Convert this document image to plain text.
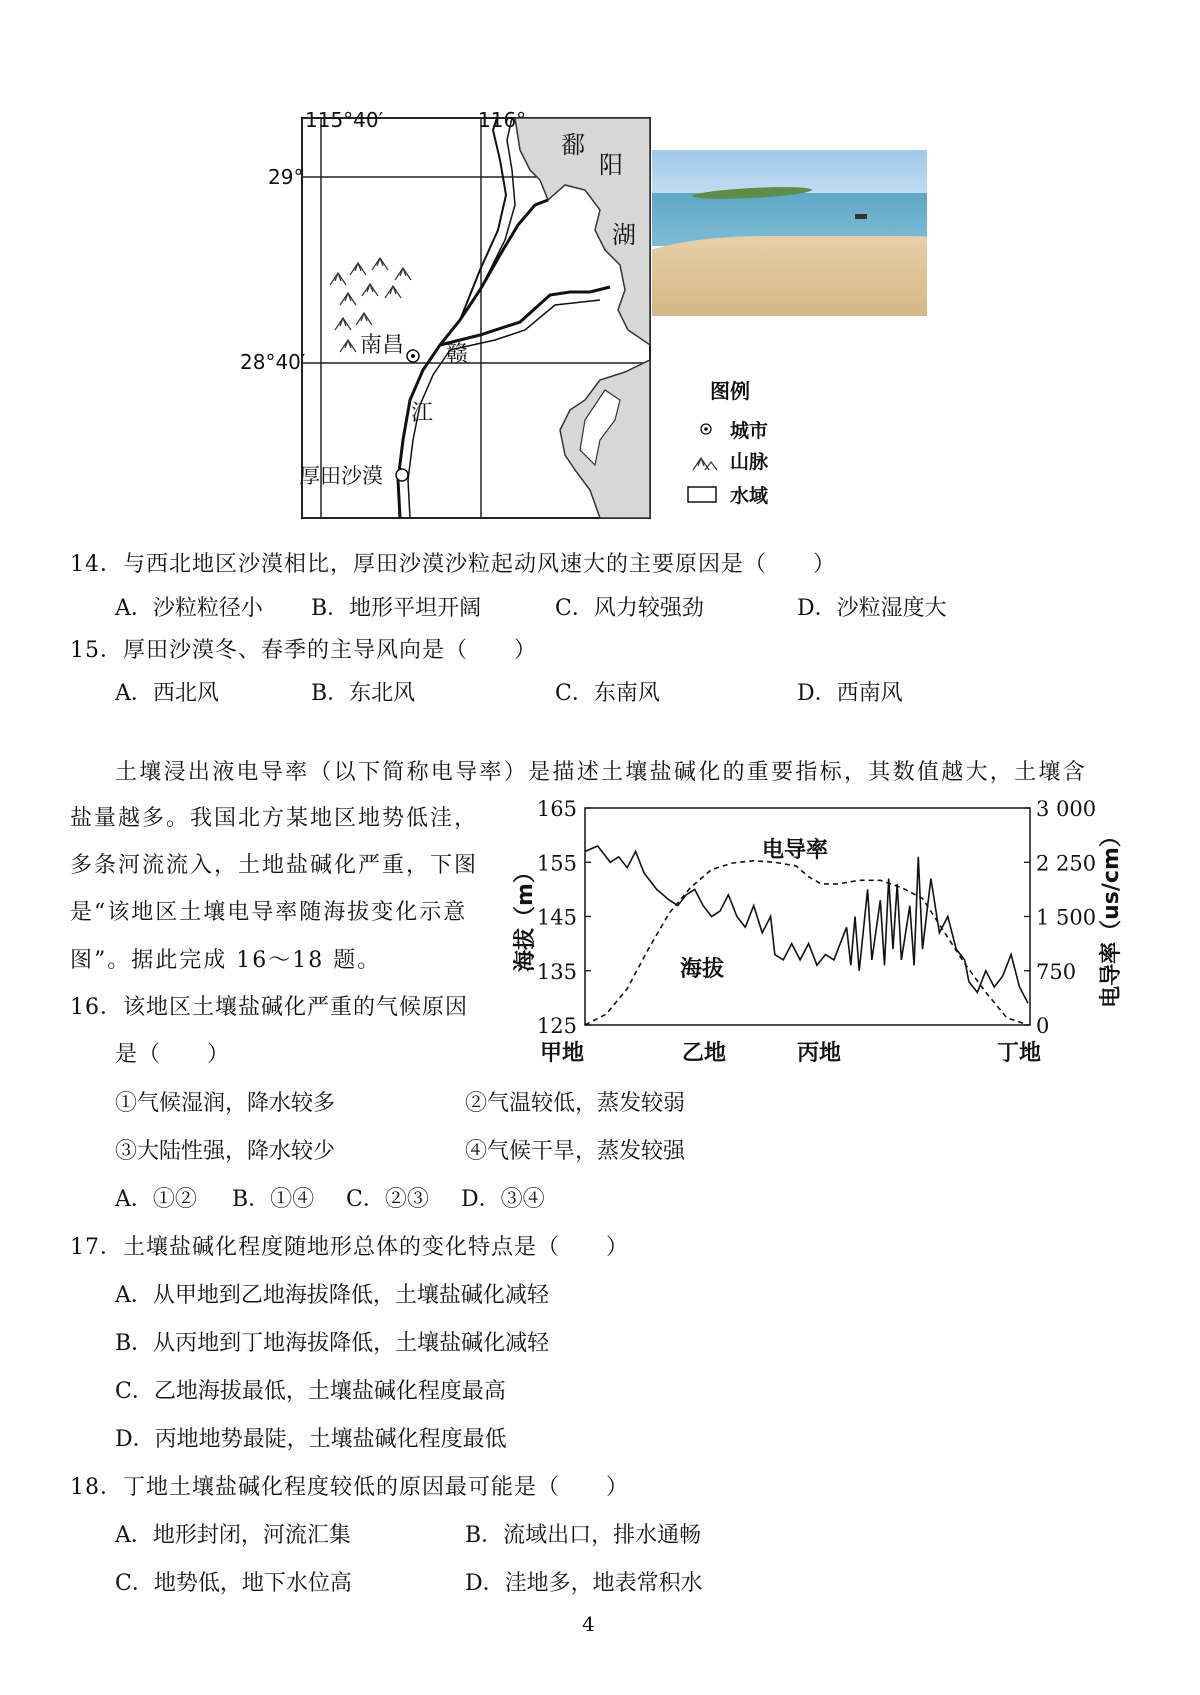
115°40′	116°
29°
28°40′
鄱
阳
湖
南昌 赣
江
厚田沙漠
图例
城市
山脉
水域
14．与西北地区沙漠相比，厚田沙漠沙粒起动风速大的主要原因是（　　）
A．沙粒粒径小 B．地形平坦开阔	C．风力较强劲	D．沙粒湿度大
15．厚田沙漠冬、春季的主导风向是（　　）
A．西北风	B．东北风	C．东南风	D．西南风
土壤浸出液电导率（以下简称电导率）是描述土壤盐碱化的重要指标，其数值越大，土壤含
盐量越多。我国北方某地区地势低洼，
多条河流流入，土地盐碱化严重，下图
是“该地区土壤电导率随海拔变化示意
图”。据此完成 16～18 题。
165
155
145
135
125
3 000
2 250
1 500
750
0
海拔（m）	电导率（us/cm）
甲地	乙地	丙地	丁地
电导率
海拔
16．该地区土壤盐碱化严重的气候原因
是（　　）
①气候湿润，降水较多	②气温较低，蒸发较弱
③大陆性强，降水较少	④气候干旱，蒸发较强
A．①② B．①④ C．②③ D．③④
17．土壤盐碱化程度随地形总体的变化特点是（　　）
A．从甲地到乙地海拔降低，土壤盐碱化减轻
B．从丙地到丁地海拔降低，土壤盐碱化减轻
C．乙地海拔最低，土壤盐碱化程度最高
D．丙地地势最陡，土壤盐碱化程度最低
18．丁地土壤盐碱化程度较低的原因最可能是（　　）
A．地形封闭，河流汇集	B．流域出口，排水通畅
C．地势低，地下水位高	D．洼地多，地表常积水
4
